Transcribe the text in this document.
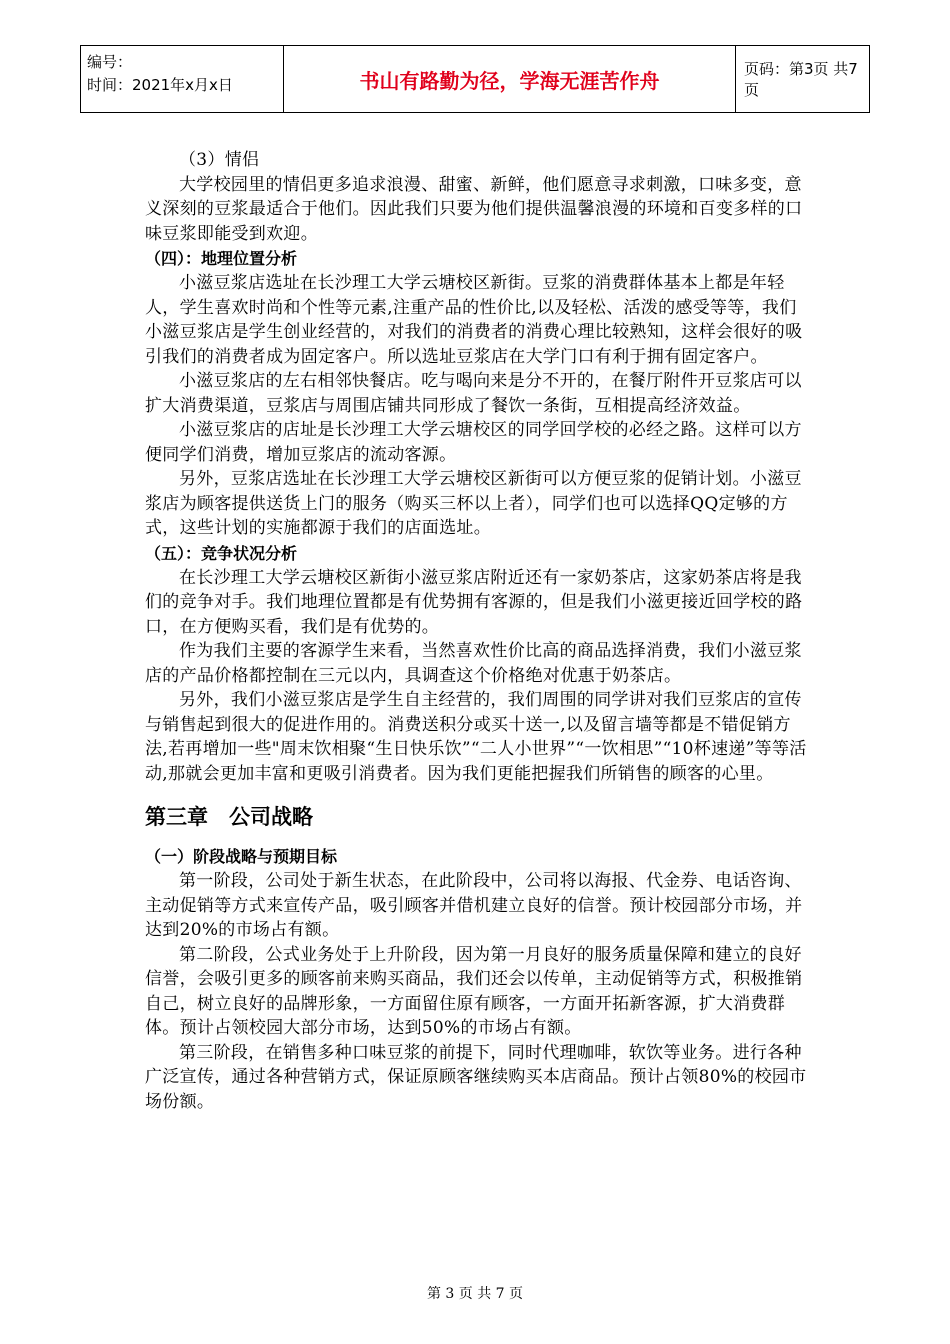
编号：
时间：2021年x月x日	书山有路勤为径，学海无涯苦作舟	页码：第3页 共7页

（3）情侣

大学校园里的情侣更多追求浪漫、甜蜜、新鲜，他们愿意寻求刺激，口味多变，意义深刻的豆浆最适合于他们。因此我们只要为他们提供温馨浪漫的环境和百变多样的口味豆浆即能受到欢迎。

（四）：地理位置分析

小滋豆浆店选址在长沙理工大学云塘校区新街。豆浆的消费群体基本上都是年轻人，学生喜欢时尚和个性等元素,注重产品的性价比,以及轻松、活泼的感受等等，我们小滋豆浆店是学生创业经营的，对我们的消费者的消费心理比较熟知，这样会很好的吸引我们的消费者成为固定客户。所以选址豆浆店在大学门口有利于拥有固定客户。

小滋豆浆店的左右相邻快餐店。吃与喝向来是分不开的，在餐厅附件开豆浆店可以扩大消费渠道，豆浆店与周围店铺共同形成了餐饮一条街，互相提高经济效益。

小滋豆浆店的店址是长沙理工大学云塘校区的同学回学校的必经之路。这样可以方便同学们消费，增加豆浆店的流动客源。

另外，豆浆店选址在长沙理工大学云塘校区新街可以方便豆浆的促销计划。小滋豆浆店为顾客提供送货上门的服务（购买三杯以上者），同学们也可以选择QQ定够的方式，这些计划的实施都源于我们的店面选址。

（五）：竞争状况分析

在长沙理工大学云塘校区新街小滋豆浆店附近还有一家奶茶店，这家奶茶店将是我们的竞争对手。我们地理位置都是有优势拥有客源的，但是我们小滋更接近回学校的路口，在方便购买看，我们是有优势的。

作为我们主要的客源学生来看，当然喜欢性价比高的商品选择消费，我们小滋豆浆店的产品价格都控制在三元以内，具调查这个价格绝对优惠于奶茶店。

另外，我们小滋豆浆店是学生自主经营的，我们周围的同学讲对我们豆浆店的宣传与销售起到很大的促进作用的。消费送积分或买十送一,以及留言墙等都是不错促销方法,若再增加一些"周末饮相聚“生日快乐饮”“二人小世界”“一饮相思”“10杯速递”等等活动,那就会更加丰富和更吸引消费者。因为我们更能把握我们所销售的顾客的心里。

第三章　公司战略

（一）阶段战略与预期目标

第一阶段，公司处于新生状态，在此阶段中，公司将以海报、代金券、电话咨询、主动促销等方式来宣传产品，吸引顾客并借机建立良好的信誉。预计校园部分市场，并达到20%的市场占有额。

第二阶段，公式业务处于上升阶段，因为第一月良好的服务质量保障和建立的良好信誉，会吸引更多的顾客前来购买商品，我们还会以传单，主动促销等方式，积极推销自己，树立良好的品牌形象，一方面留住原有顾客，一方面开拓新客源，扩大消费群体。预计占领校园大部分市场，达到50%的市场占有额。

第三阶段，在销售多种口味豆浆的前提下，同时代理咖啡，软饮等业务。进行各种广泛宣传，通过各种营销方式，保证原顾客继续购买本店商品。预计占领80%的校园市场份额。

第 3 页 共 7 页
